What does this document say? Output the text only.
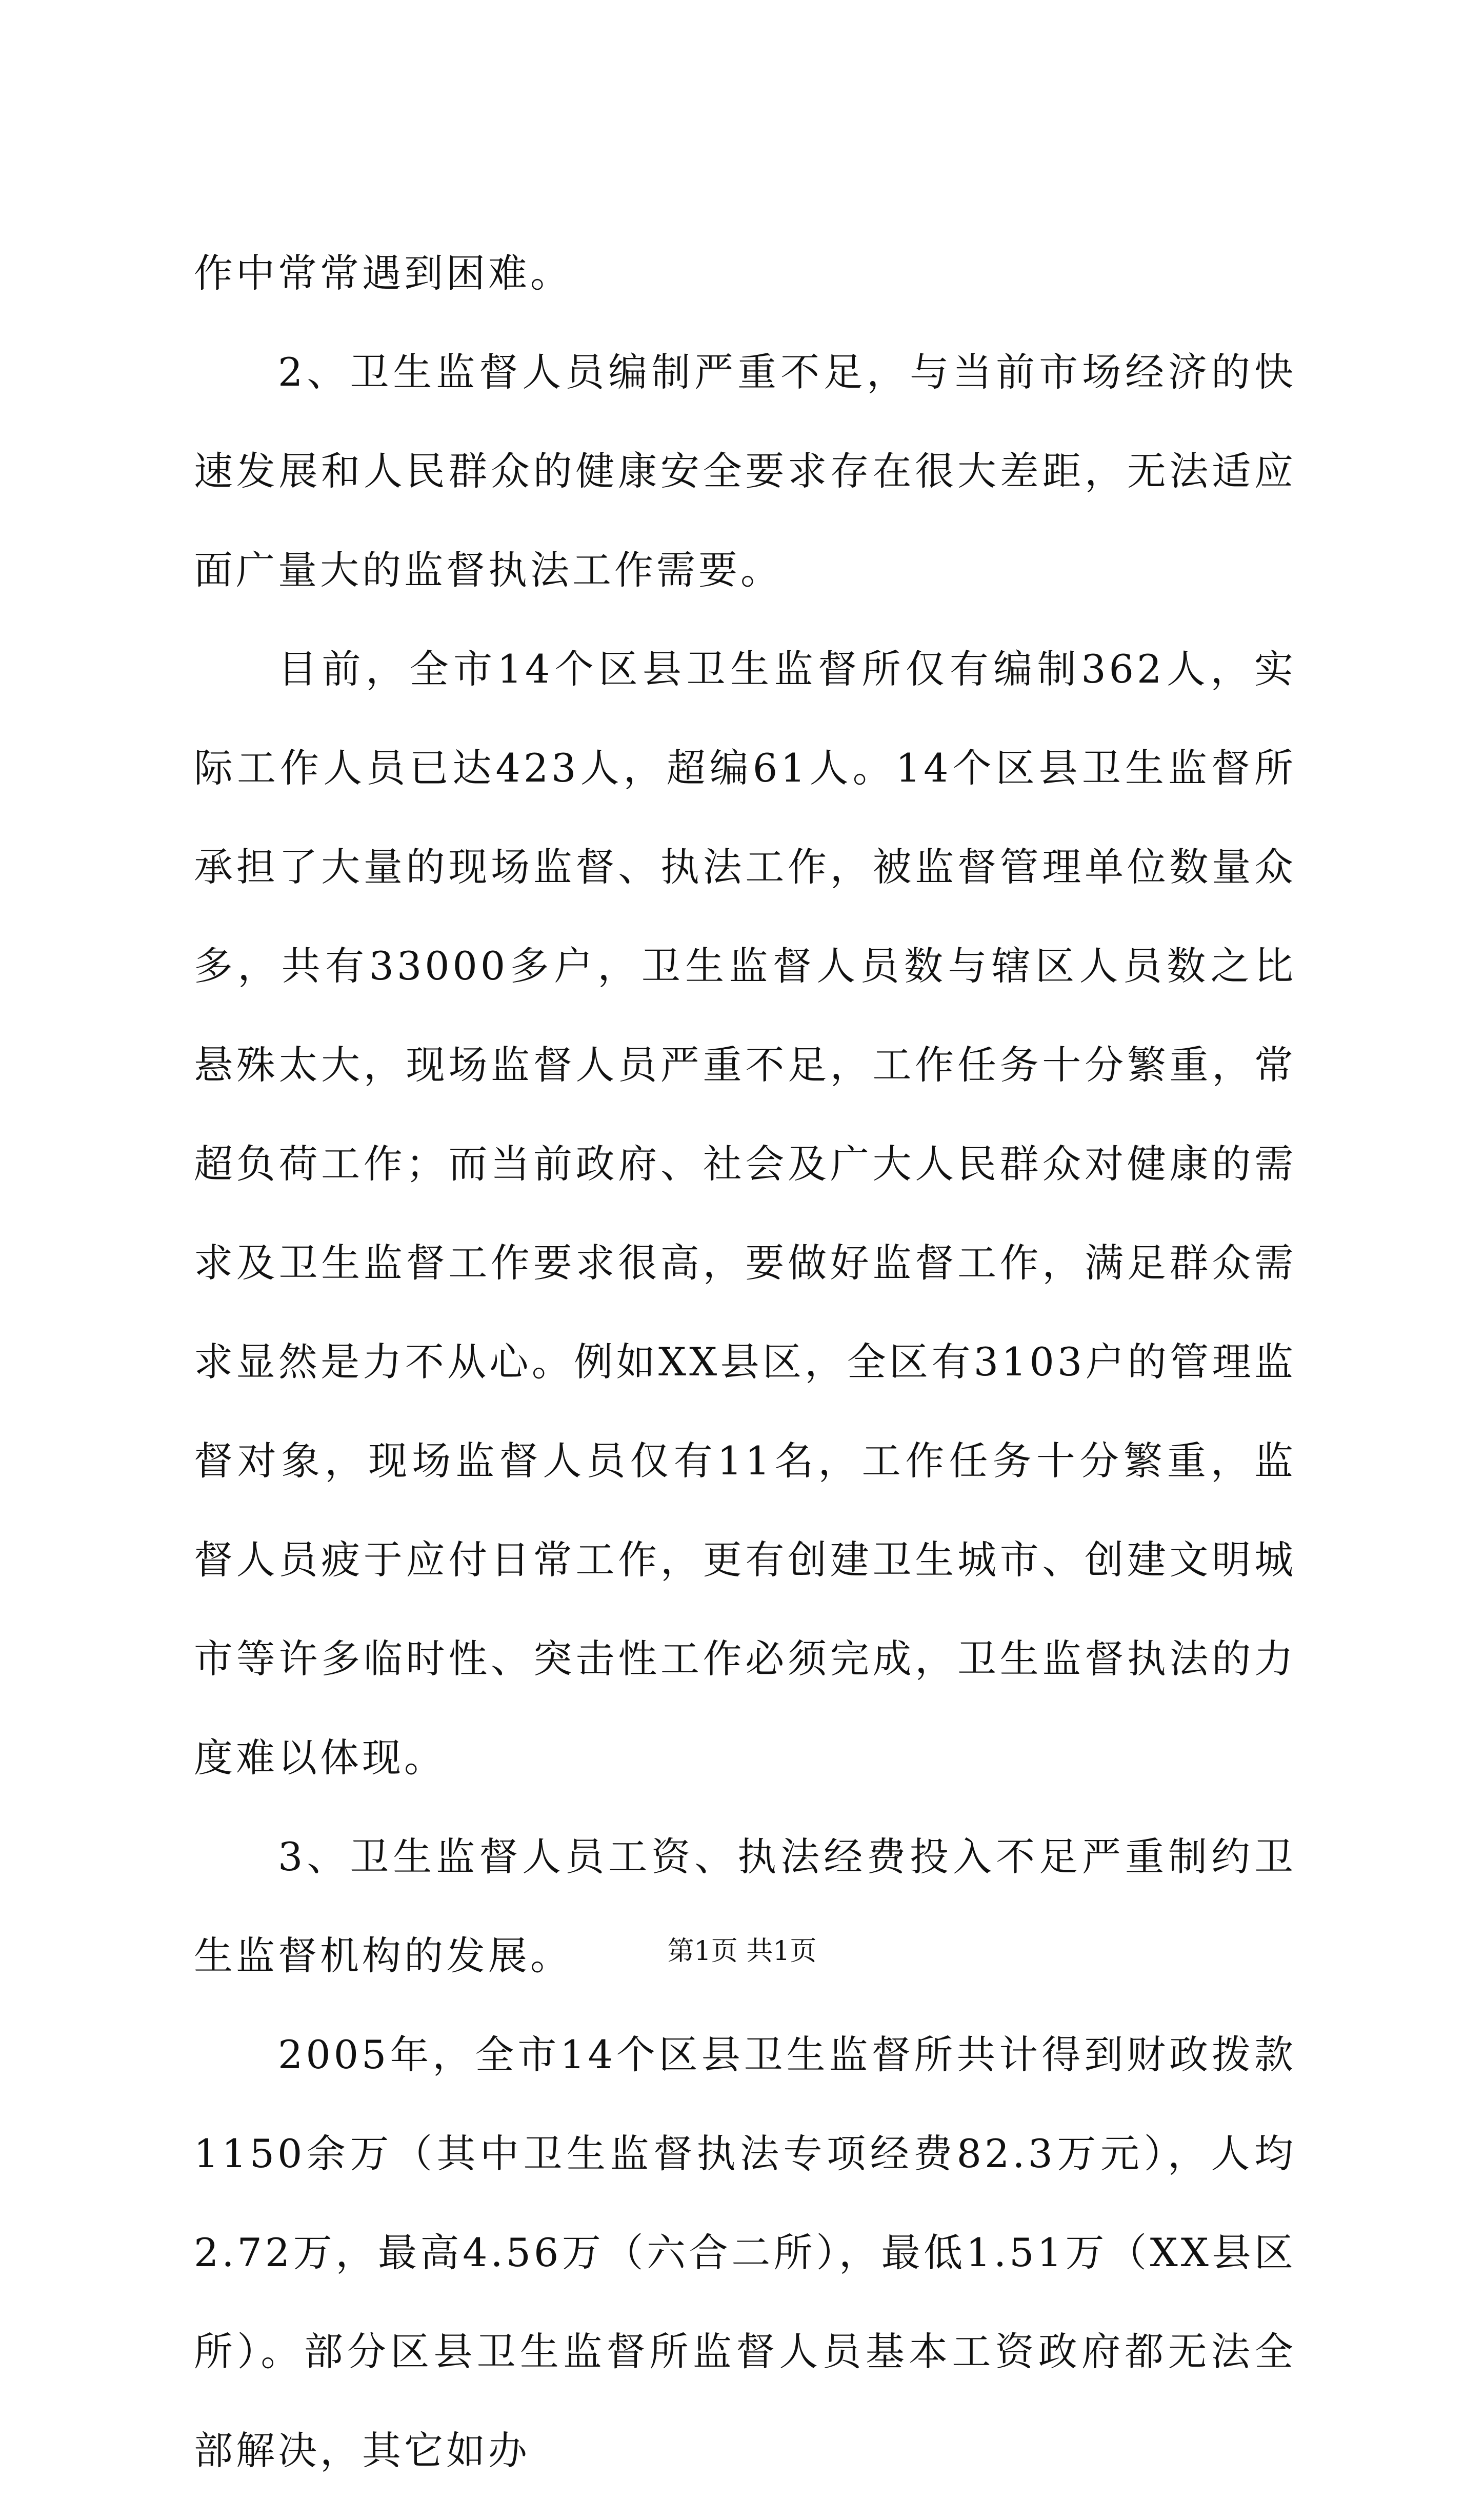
作中常常遇到困难。

2、卫生监督人员编制严重不足，与当前市场经济的快速发展和人民群众的健康安全要求存在很大差距，无法适应面广量大的监督执法工作需要。

目前，全市14个区县卫生监督所仅有编制362人，实际工作人员已达423人，超编61人。14个区县卫生监督所承担了大量的现场监督、执法工作，被监督管理单位数量众多，共有33000多户，卫生监督人员数与辖区人员数之比悬殊太大，现场监督人员严重不足，工作任务十分繁重，常超负荷工作；而当前政府、社会及广大人民群众对健康的需求及卫生监督工作要求很高，要做好监督工作，满足群众需求显然是力不从心。例如XX县区，全区有3103户的管理监督对象，现场监督人员仅有11名，工作任务十分繁重，监督人员疲于应付日常工作，更有创建卫生城市、创建文明城市等许多临时性、突击性工作必须完成，卫生监督执法的力度难以体现。

3、卫生监督人员工资、执法经费投入不足严重制约卫生监督机构的发展。

2005年，全市14个区县卫生监督所共计得到财政拨款1150余万（其中卫生监督执法专项经费82.3万元），人均2.72万，最高4.56万（六合二所），最低1.51万（XX县区所）。部分区县卫生监督所监督人员基本工资政府都无法全部解决，其它如办

第1页 共1页
